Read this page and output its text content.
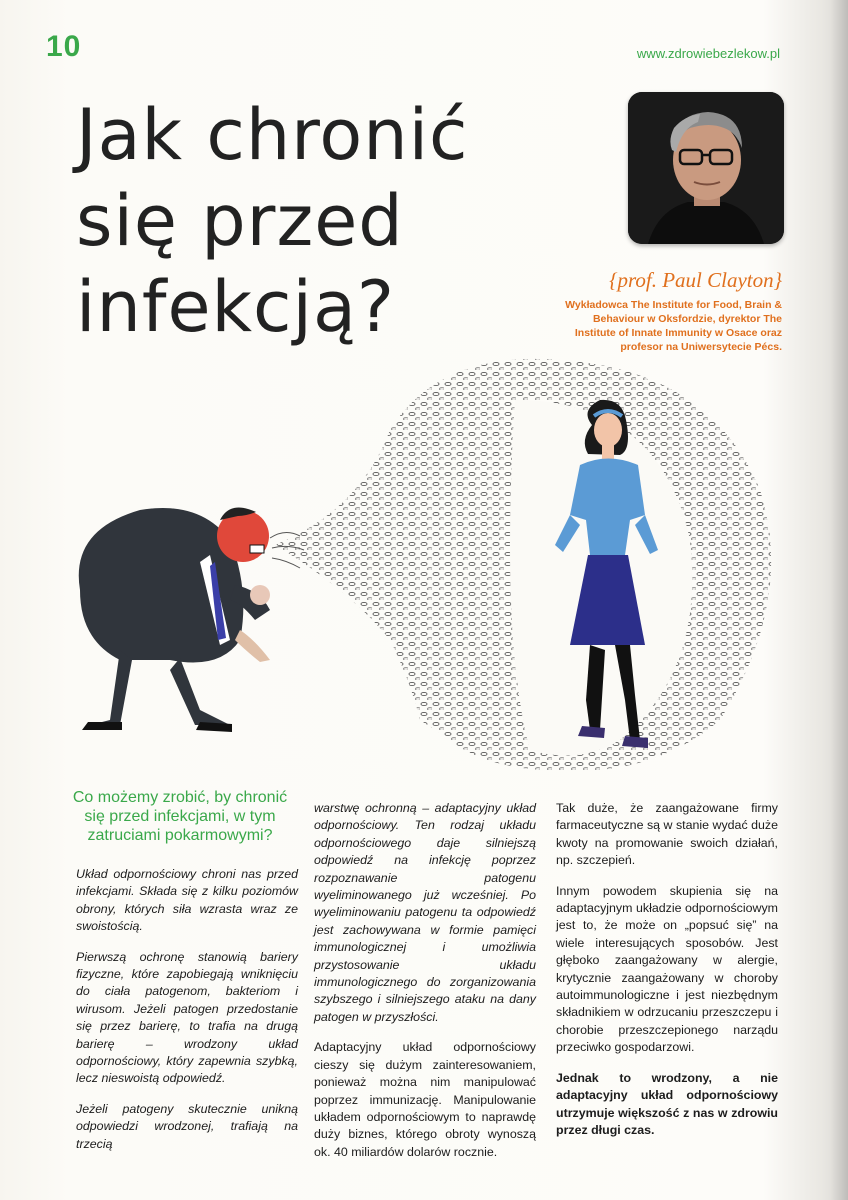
10	www.zdrowiebezlekow.pl
Jak chronić
się przed
infekcją?	{prof. Paul Clayton}
Wykładowca The Institute for Food, Brain & Behaviour w Oksfordzie, dyrektor The Institute of Innate Immunity w Osace oraz profesor na Uniwersytecie Pécs.
Co możemy zrobić, by chronić się przed infekcjami, w tym zatruciami pokarmowymi?

Układ odpornościowy chroni nas przed infekcjami. Składa się z kilku poziomów obrony, których siła wzrasta wraz ze swoistością.

Pierwszą ochronę stanowią bariery fizyczne, które zapobiegają wniknięciu do ciała patogenom, bakteriom i wirusom. Jeżeli patogen przedostanie się przez barierę, to trafia na drugą barierę – wrodzony układ odpornościowy, który zapewnia szybką, lecz nieswoistą odpowiedź.

Jeżeli patogeny skutecznie unikną odpowiedzi wrodzonej, trafiają na trzecią

warstwę ochronną – adaptacyjny układ odpornościowy. Ten rodzaj układu odpornościowego daje silniejszą odpowiedź na infekcję poprzez rozpoznawanie patogenu wyeliminowanego już wcześniej. Po wyeliminowaniu patogenu ta odpowiedź jest zachowywana w formie pamięci immunologicznej i umożliwia przystosowanie układu immunologicznego do zorganizowania szybszego i silniejszego ataku na dany patogen w przyszłości.

Adaptacyjny układ odpornościowy cieszy się dużym zainteresowaniem, ponieważ można nim manipulować poprzez immunizację. Manipulowanie układem odpornościowym to naprawdę duży biznes, którego obroty wynoszą ok. 40 miliardów dolarów rocznie.

Tak duże, że zaangażowane firmy farmaceutyczne są w stanie wydać duże kwoty na promowanie swoich działań, np. szczepień.

Innym powodem skupienia się na adaptacyjnym układzie odpornościowym jest to, że może on „popsuć się” na wiele interesujących sposobów. Jest głęboko zaangażowany w alergie, krytycznie zaangażowany w choroby autoimmunologiczne i jest niezbędnym składnikiem w odrzucaniu przeszczepu i chorobie przeszczepionego narządu przeciwko gospodarzowi.

Jednak to wrodzony, a nie adaptacyjny układ odpornościowy utrzymuje większość z nas w zdrowiu przez długi czas.
